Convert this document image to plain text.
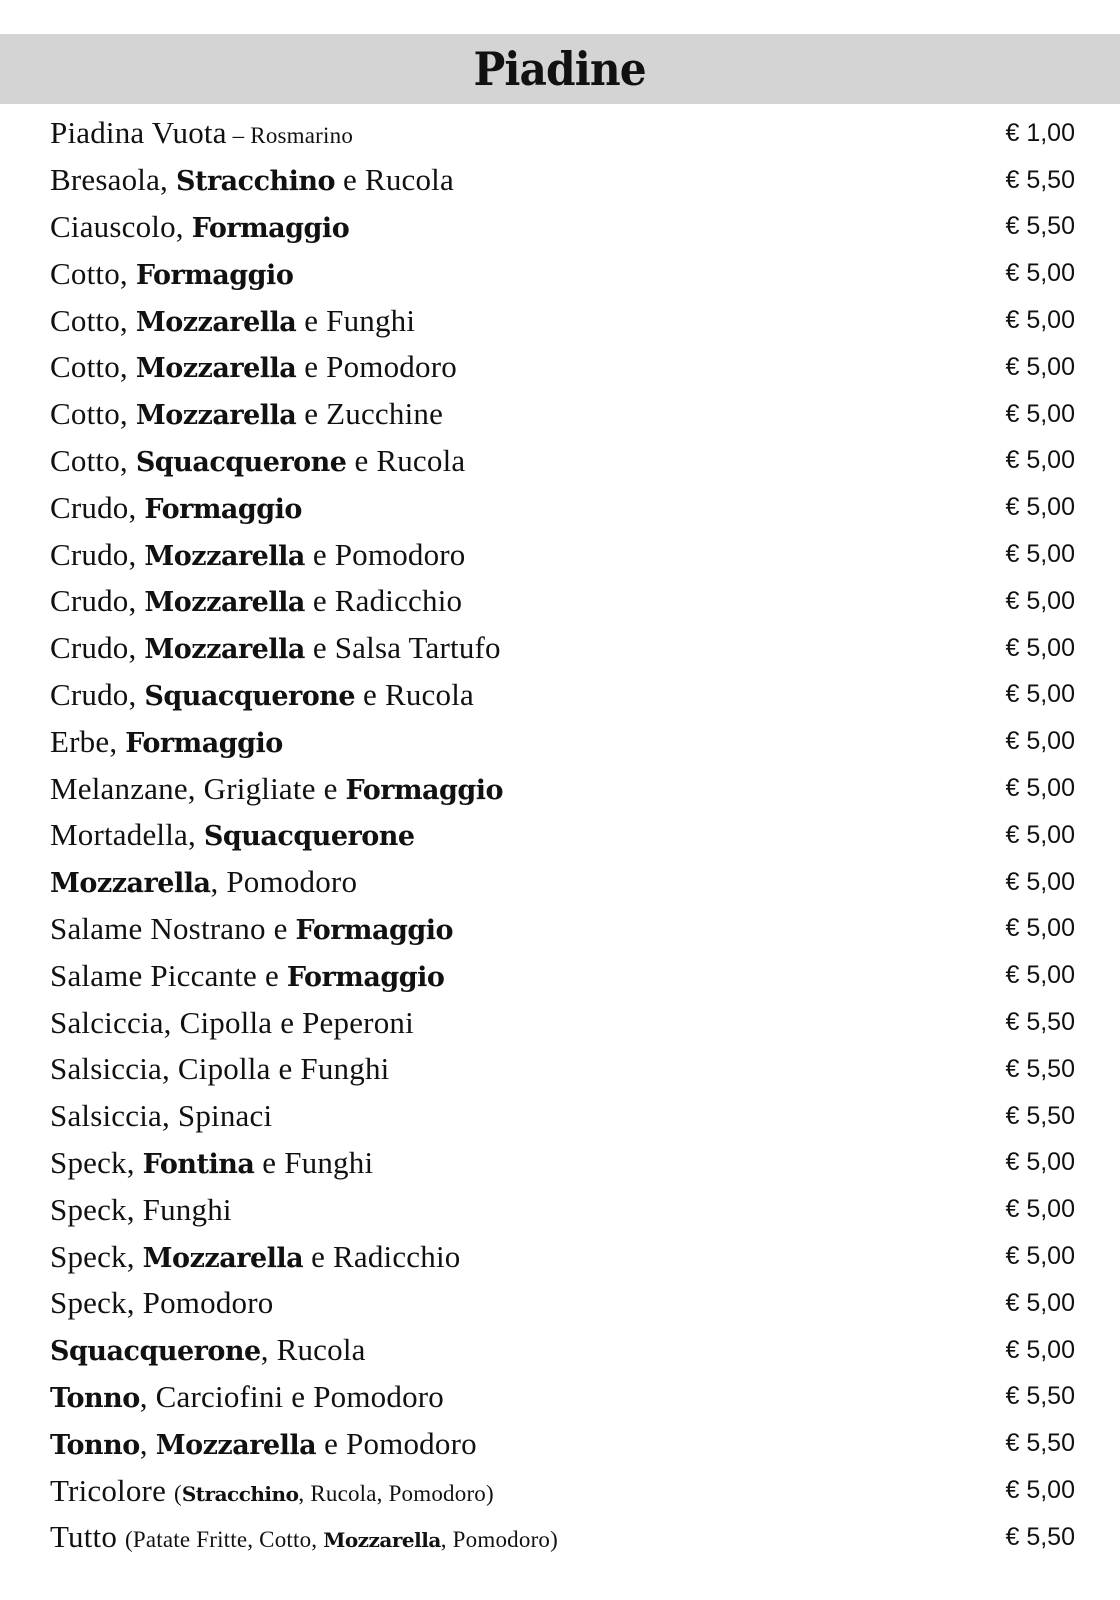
Piadine
Piadina Vuota – Rosmarino	€ 1,00
Bresaola, Stracchino e Rucola	€ 5,50
Ciauscolo, Formaggio	€ 5,50
Cotto, Formaggio	€ 5,00
Cotto, Mozzarella e Funghi	€ 5,00
Cotto, Mozzarella e Pomodoro	€ 5,00
Cotto, Mozzarella e Zucchine	€ 5,00
Cotto, Squacquerone e Rucola	€ 5,00
Crudo, Formaggio	€ 5,00
Crudo, Mozzarella e Pomodoro	€ 5,00
Crudo, Mozzarella e Radicchio	€ 5,00
Crudo, Mozzarella e Salsa Tartufo	€ 5,00
Crudo, Squacquerone e Rucola	€ 5,00
Erbe, Formaggio	€ 5,00
Melanzane, Grigliate e Formaggio	€ 5,00
Mortadella, Squacquerone	€ 5,00
Mozzarella, Pomodoro	€ 5,00
Salame Nostrano e Formaggio	€ 5,00
Salame Piccante e Formaggio	€ 5,00
Salciccia, Cipolla e Peperoni	€ 5,50
Salsiccia, Cipolla e Funghi	€ 5,50
Salsiccia, Spinaci	€ 5,50
Speck, Fontina e Funghi	€ 5,00
Speck, Funghi	€ 5,00
Speck, Mozzarella e Radicchio	€ 5,00
Speck, Pomodoro	€ 5,00
Squacquerone, Rucola	€ 5,00
Tonno, Carciofini e Pomodoro	€ 5,50
Tonno, Mozzarella e Pomodoro	€ 5,50
Tricolore (Stracchino, Rucola, Pomodoro)	€ 5,00
Tutto (Patate Fritte, Cotto, Mozzarella, Pomodoro)	€ 5,50
